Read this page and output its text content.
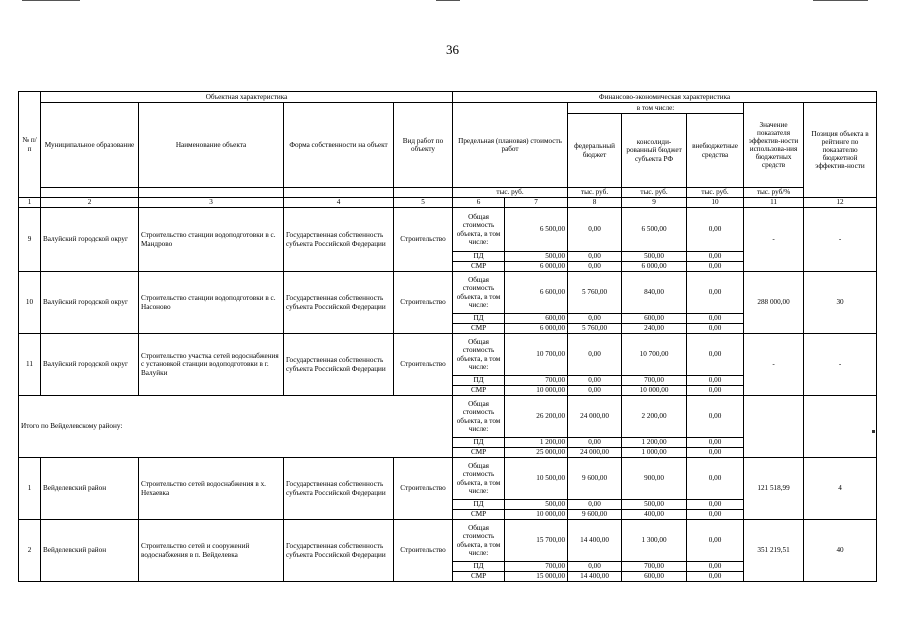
36
№ п/п	Объектная характеристика				Финансово-экономическая характеристика						
	Муниципальное образование	Наименование объекта	Форма собственности на объект	Вид работ по объекту	Предельная (плановая) стоимость работ		в том числе:			Значение показателя эффектив-ности использова-ния бюджетных средств	Позиция объекта в рейтинге по показателю бюджетной эффектив-ности
							федеральный бюджет	консолиди-рованный бюджет субъекта РФ	внебюджетные средства		
					тыс. руб.		тыс. руб.	тыс. руб.	тыс. руб.	тыс. руб/%	
1	2	3	4	5	6	7	8	9	10	11	12
9	Валуйский городской округ	Строительство станции водоподготовки в с. Мандрово	Государственная собственность субъекта Российской Федерации	Строительство	Общая стоимость объекта, в том числе:	6 500,00	0,00	6 500,00	0,00	-	-
					ПД	500,00	0,00	500,00	0,00		
					СМР	6 000,00	0,00	6 000,00	0,00		
10	Валуйский городской округ	Строительство станции водоподготовки в с. Насоново	Государственная собственность субъекта Российской Федерации	Строительство	Общая стоимость объекта, в том числе:	6 600,00	5 760,00	840,00	0,00	288 000,00	30
					ПД	600,00	0,00	600,00	0,00		
					СМР	6 000,00	5 760,00	240,00	0,00		
11	Валуйский городской округ	Строительство участка сетей водоснабжения с установкой станции водоподготовки в г. Валуйки	Государственная собственность субъекта Российской Федерации	Строительство	Общая стоимость объекта, в том числе:	10 700,00	0,00	10 700,00	0,00	-	-
					ПД	700,00	0,00	700,00	0,00		
					СМР	10 000,00	0,00	10 000,00	0,00		
Итого по Вейделевскому району:					Общая стоимость объекта, в том числе:	26 200,00	24 000,00	2 200,00	0,00		
					ПД	1 200,00	0,00	1 200,00	0,00		
					СМР	25 000,00	24 000,00	1 000,00	0,00		
1	Вейделевский район	Строительство сетей водоснабжения в х. Нехаевка	Государственная собственность субъекта Российской Федерации	Строительство	Общая стоимость объекта, в том числе:	10 500,00	9 600,00	900,00	0,00	121 518,99	4
					ПД	500,00	0,00	500,00	0,00		
					СМР	10 000,00	9 600,00	400,00	0,00		
2	Вейделевский район	Строительство сетей и сооружений водоснабжения в п. Вейделевка	Государственная собственность субъекта Российской Федерации	Строительство	Общая стоимость объекта, в том числе:	15 700,00	14 400,00	1 300,00	0,00	351 219,51	40
					ПД	700,00	0,00	700,00	0,00		
					СМР	15 000,00	14 400,00	600,00	0,00		
